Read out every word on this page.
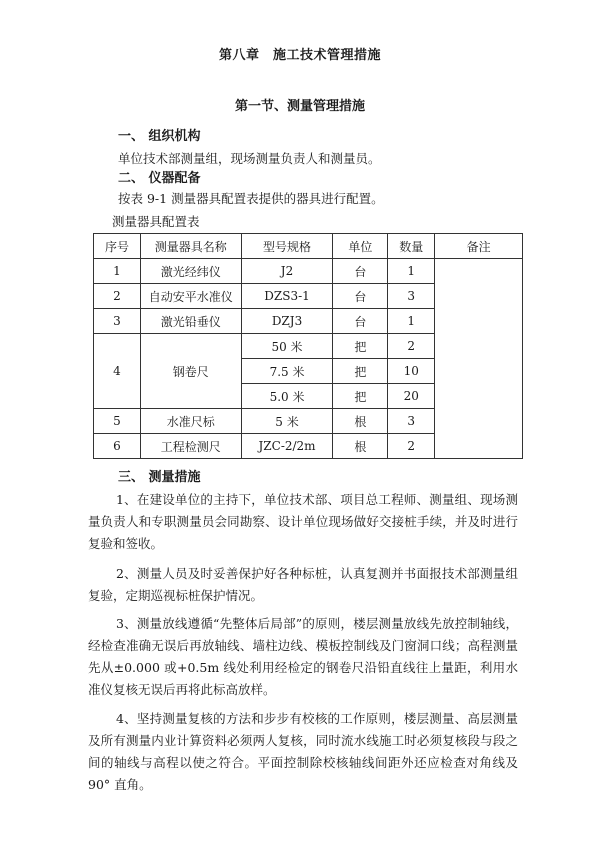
第八章　施工技术管理措施
第一节、测量管理措施
一、 组织机构
单位技术部测量组，现场测量负责人和测量员。
二、 仪器配备
按表 9-1 测量器具配置表提供的器具进行配置。
测量器具配置表
序号	测量器具名称	型号规格	单位	数量	备注
1	激光经纬仪	J2	台	1	
2	自动安平水准仪	DZS3-1	台	3	
3	激光铅垂仪	DZJ3	台	1	
4	钢卷尺	50 米	把	2	
		7.5 米	把	10	
		5.0 米	把	20	
5	水准尺标	5 米	根	3	
6	工程检测尺	JZC-2/2m	根	2	
三、 测量措施
1、在建设单位的主持下，单位技术部、项目总工程师、测量组、现场测量负责人和专职测量员会同勘察、设计单位现场做好交接桩手续，并及时进行复验和签收。
2、测量人员及时妥善保护好各种标桩，认真复测并书面报技术部测量组复验，定期巡视标桩保护情况。
3、测量放线遵循“先整体后局部”的原则，楼层测量放线先放控制轴线，经检查准确无误后再放轴线、墙柱边线、模板控制线及门窗洞口线；高程测量先从±0.000 或+0.5m 线处利用经检定的钢卷尺沿铅直线往上量距，利用水准仪复核无误后再将此标高放样。
4、坚持测量复核的方法和步步有校核的工作原则，楼层测量、高层测量及所有测量内业计算资料必须两人复核，同时流水线施工时必须复核段与段之间的轴线与高程以使之符合。平面控制除校核轴线间距外还应检查对角线及 90° 直角。
